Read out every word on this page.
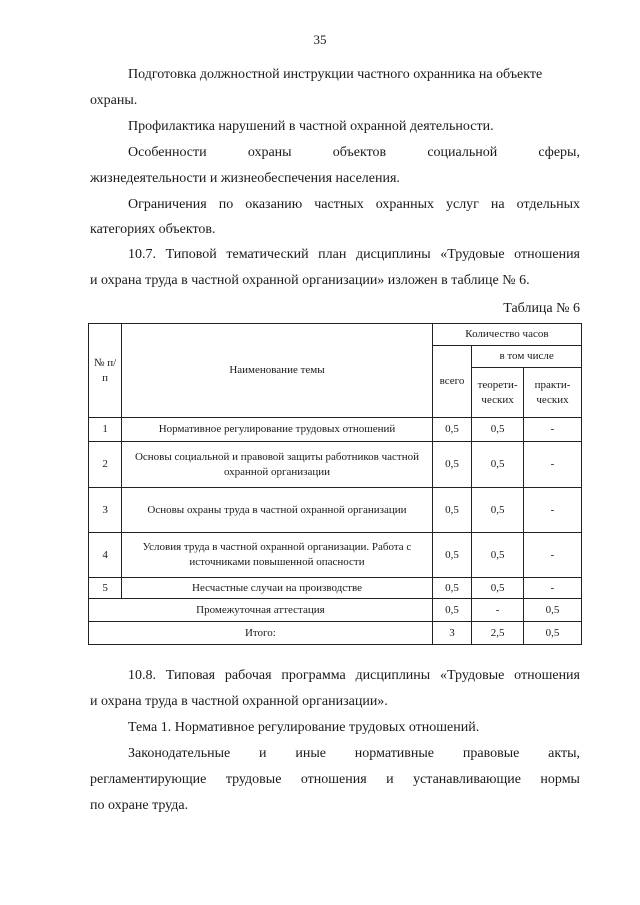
35
Подготовка должностной инструкции частного охранника на объекте
охраны.
Профилактика нарушений в частной охранной деятельности.
Особенности	охраны	объектов	социальной	сферы,
жизнедеятельности и жизнеобеспечения населения.
Ограничения по оказанию частных охранных услуг на отдельных
категориях объектов.
10.7. Типовой тематический план дисциплины «Трудовые отношения
и охрана труда в частной охранной организации» изложен в таблице № 6.
Таблица № 6
№ п/п	Наименование темы	Количество часов		
		всего	в том числе	
			теорети-ческих	практи-ческих

1	Нормативное регулирование трудовых отношений	0,5	0,5	-
2	Основы социальной и правовой защиты работников частной охранной организации	0,5	0,5	-
3	Основы охраны труда в частной охранной организации	0,5	0,5	-
4	Условия труда в частной охранной организации. Работа с источниками повышенной опасности	0,5	0,5	-
5	Несчастные случаи на производстве	0,5	0,5	-
Промежуточная аттестация		0,5	-	0,5
Итого:		3	2,5	0,5
10.8. Типовая рабочая программа дисциплины «Трудовые отношения
и охрана труда в частной охранной организации».
Тема 1. Нормативное регулирование трудовых отношений.
Законодательные и иные нормативные правовые акты,
регламентирующие трудовые отношения и устанавливающие нормы
по охране труда.
